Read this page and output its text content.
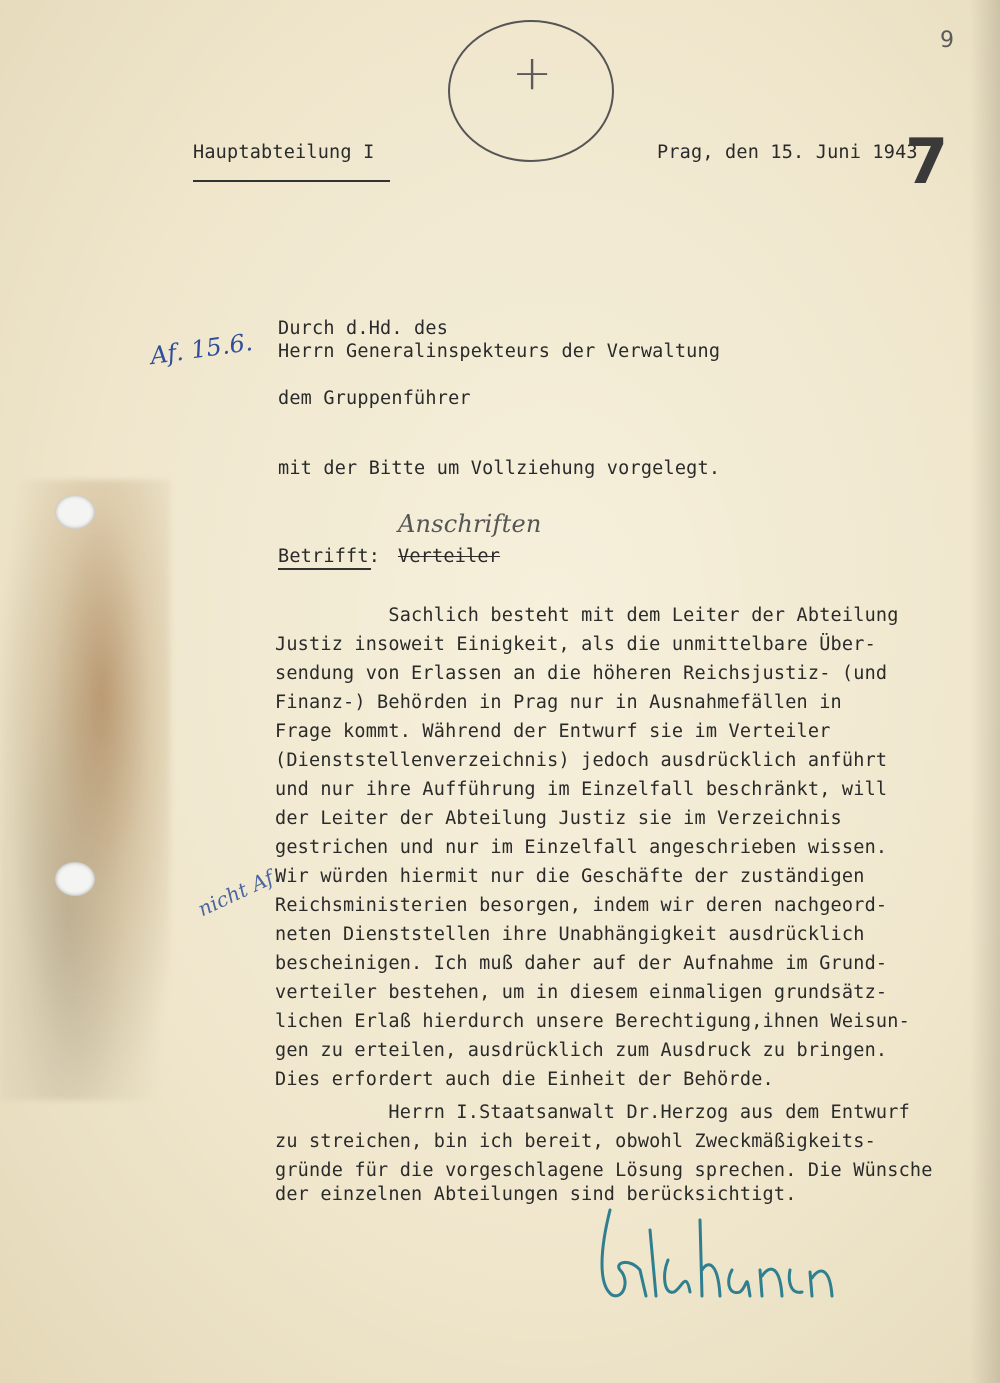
9
+
Hauptabteilung I	Prag, den 15. Juni 1943
7
Af. 15.6. Durch d.Hd. des
Herrn Generalinspekteurs der Verwaltung
dem Gruppenführer
mit der Bitte um Vollziehung vorgelegt.
Anschriften
Betrifft: Verteiler
nicht Af.
Sachlich besteht mit dem Leiter der Abteilung
Justiz insoweit Einigkeit, als die unmittelbare Über-
sendung von Erlassen an die höheren Reichsjustiz- (und
Finanz-) Behörden in Prag nur in Ausnahmefällen in
Frage kommt. Während der Entwurf sie im Verteiler
(Dienststellenverzeichnis) jedoch ausdrücklich anführt
und nur ihre Aufführung im Einzelfall beschränkt, will
der Leiter der Abteilung Justiz sie im Verzeichnis
gestrichen und nur im Einzelfall angeschrieben wissen.
Wir würden hiermit nur die Geschäfte der zuständigen
Reichsministerien besorgen, indem wir deren nachgeord-
neten Dienststellen ihre Unabhängigkeit ausdrücklich
bescheinigen. Ich muß daher auf der Aufnahme im Grund-
verteiler bestehen, um in diesem einmaligen grundsätz-
lichen Erlaß hierdurch unsere Berechtigung,ihnen Weisun-
gen zu erteilen, ausdrücklich zum Ausdruck zu bringen.
Dies erfordert auch die Einheit der Behörde.
Herrn I.Staatsanwalt Dr.Herzog aus dem Entwurf
zu streichen, bin ich bereit, obwohl Zweckmäßigkeits-
gründe für die vorgeschlagene Lösung sprechen. Die Wünsche
der einzelnen Abteilungen sind berücksichtigt.
